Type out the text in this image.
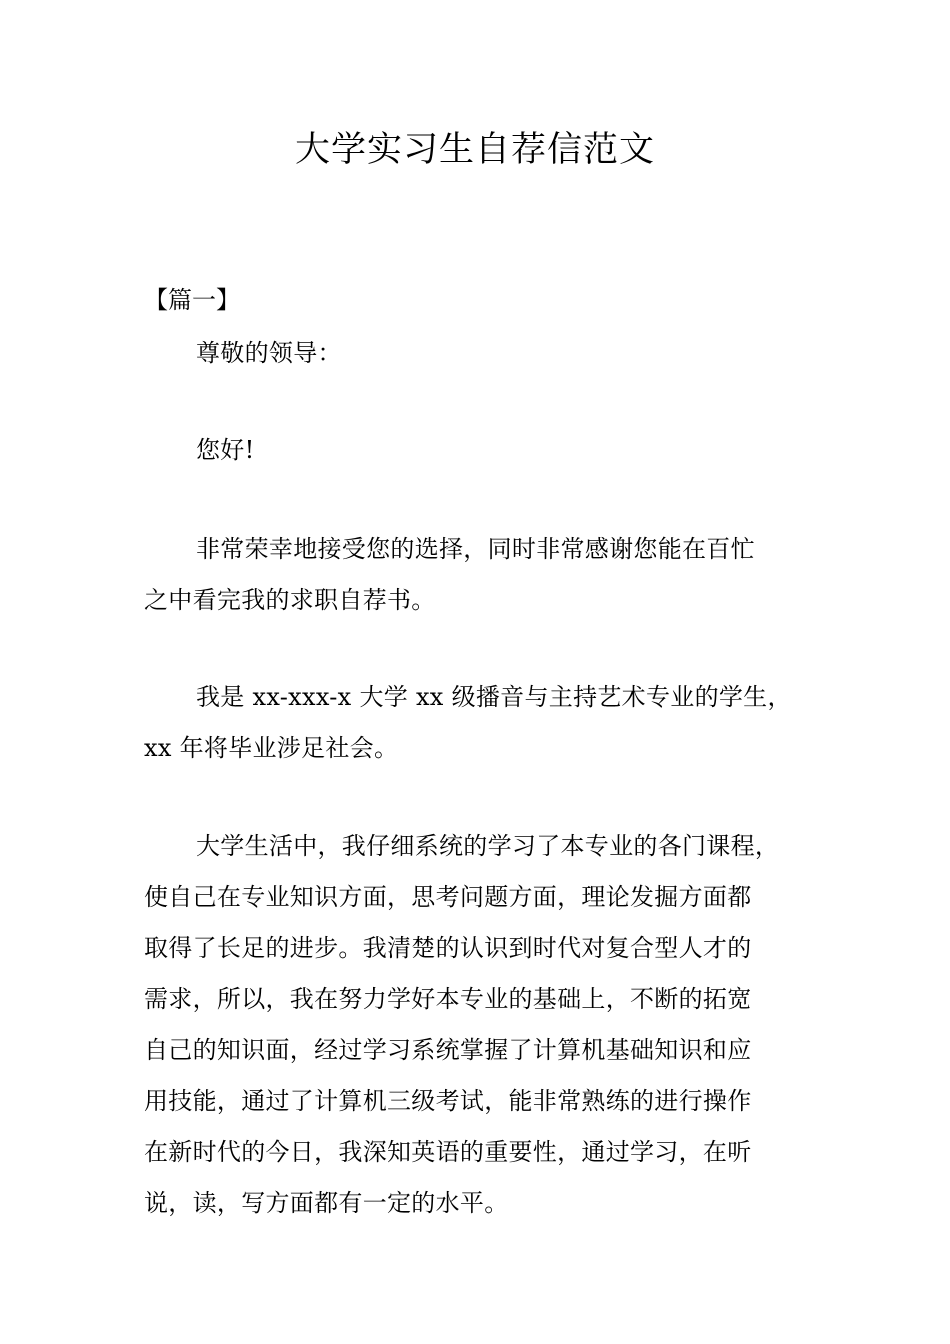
大学实习生自荐信范文

【篇一】

尊敬的领导：

您好!

非常荣幸地接受您的选择，同时非常感谢您能在百忙
之中看完我的求职自荐书。
我是 xx-xxx-x 大学 xx 级播音与主持艺术专业的学生，
xx 年将毕业涉足社会。
大学生活中，我仔细系统的学习了本专业的各门课程，
使自己在专业知识方面，思考问题方面，理论发掘方面都
取得了长足的进步。我清楚的认识到时代对复合型人才的
需求，所以，我在努力学好本专业的基础上，不断的拓宽
自己的知识面，经过学习系统掌握了计算机基础知识和应
用技能，通过了计算机三级考试，能非常熟练的进行操作
在新时代的今日，我深知英语的重要性，通过学习，在听
说，读，写方面都有一定的水平。
